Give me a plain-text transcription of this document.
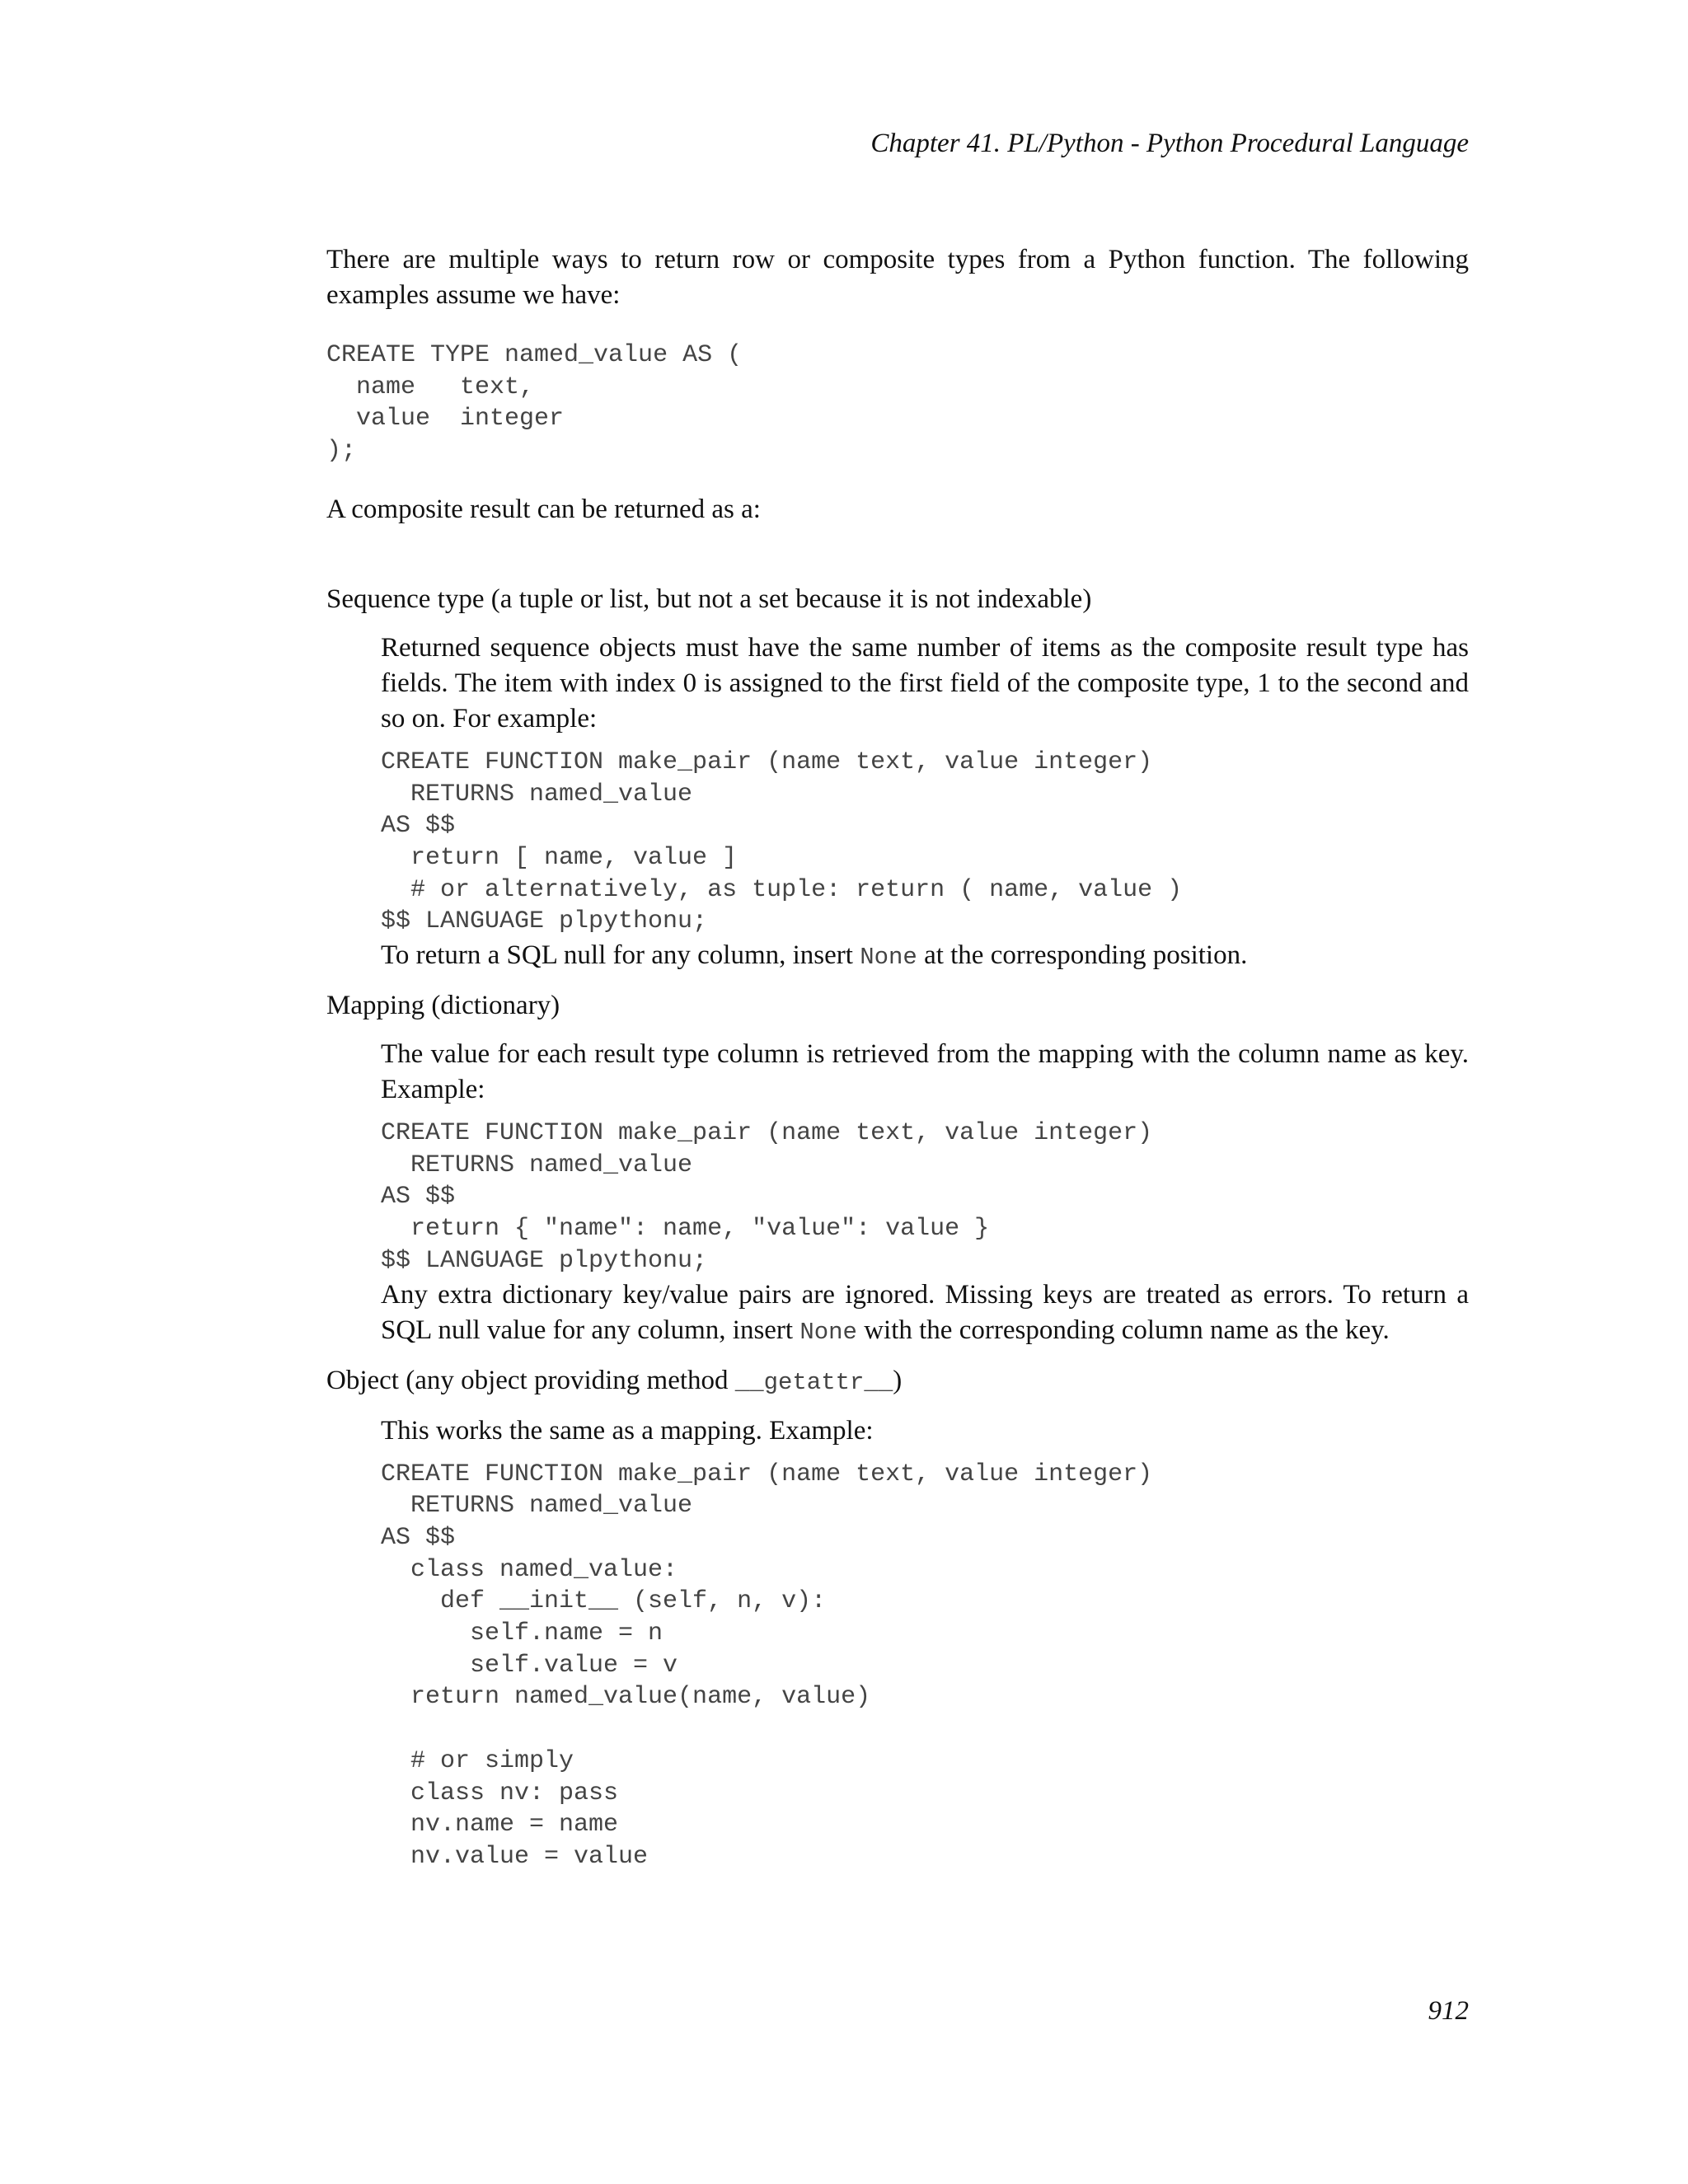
Chapter 41. PL/Python - Python Procedural Language

There are multiple ways to return row or composite types from a Python function. The following examples assume we have:

CREATE TYPE named_value AS (
name   text,
value  integer
);

A composite result can be returned as a:

Sequence type (a tuple or list, but not a set because it is not indexable)

Returned sequence objects must have the same number of items as the composite result type has fields. The item with index 0 is assigned to the first field of the composite type, 1 to the second and so on. For example:

CREATE FUNCTION make_pair (name text, value integer)
RETURNS named_value
AS $$
return [ name, value ]
# or alternatively, as tuple: return ( name, value )
$$ LANGUAGE plpythonu;

To return a SQL null for any column, insert None at the corresponding position.

Mapping (dictionary)

The value for each result type column is retrieved from the mapping with the column name as key. Example:

CREATE FUNCTION make_pair (name text, value integer)
RETURNS named_value
AS $$
return { "name": name, "value": value }
$$ LANGUAGE plpythonu;

Any extra dictionary key/value pairs are ignored. Missing keys are treated as errors. To return a SQL null value for any column, insert None with the corresponding column name as the key.

Object (any object providing method __getattr__)

This works the same as a mapping. Example:

CREATE FUNCTION make_pair (name text, value integer)
RETURNS named_value
AS $$
class named_value:
def __init__ (self, n, v):
self.name = n
self.value = v
return named_value(name, value)

# or simply
class nv: pass
nv.name = name
nv.value = value
912
